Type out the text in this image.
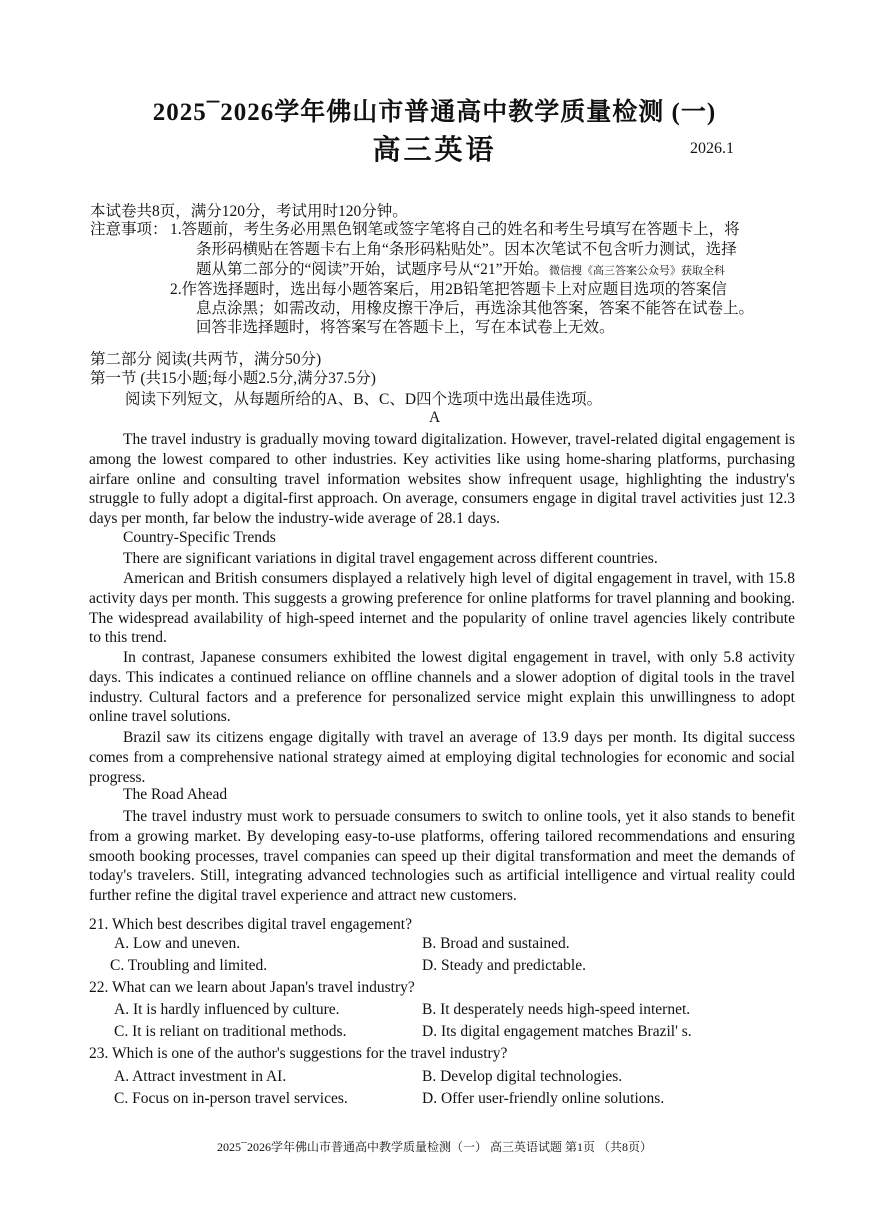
2025¯2026学年佛山市普通高中教学质量检测 (一)
高三英语	2026.1
本试卷共8页，满分120分，考试用时120分钟。
注意事项： 1.答题前，考生务必用黑色钢笔或签字笔将自己的姓名和考生号填写在答题卡上，将
条形码横贴在答题卡右上角“条形码粘贴处”。因本次笔试不包含听力测试，选择
题从第二部分的“阅读”开始，试题序号从“21”开始。微信搜《高三答案公众号》获取全科
2.作答选择题时，选出每小题答案后，用2B铅笔把答题卡上对应题目选项的答案信
息点涂黑；如需改动，用橡皮擦干净后，再选涂其他答案，答案不能答在试卷上。
回答非选择题时，将答案写在答题卡上，写在本试卷上无效。
第二部分 阅读(共两节，满分50分)
第一节 (共15小题;每小题2.5分,满分37.5分)
阅读下列短文，从每题所给的A、B、C、D四个选项中选出最佳选项。
A

The travel industry is gradually moving toward digitalization. However, travel-related digital engagement is among the lowest compared to other industries. Key activities like using home-sharing platforms, purchasing airfare online and consulting travel information websites show infrequent usage, highlighting the industry's struggle to fully adopt a digital-first approach. On average, consumers engage in digital travel activities just 12.3 days per month, far below the industry-wide average of 28.1 days.

Country-Specific Trends

There are significant variations in digital travel engagement across different countries.

American and British consumers displayed a relatively high level of digital engagement in travel, with 15.8 activity days per month. This suggests a growing preference for online platforms for travel planning and booking. The widespread availability of high-speed internet and the popularity of online travel agencies likely contribute to this trend.

In contrast, Japanese consumers exhibited the lowest digital engagement in travel, with only 5.8 activity days. This indicates a continued reliance on offline channels and a slower adoption of digital tools in the travel industry. Cultural factors and a preference for personalized service might explain this unwillingness to adopt online travel solutions.

Brazil saw its citizens engage digitally with travel an average of 13.9 days per month. Its digital success comes from a comprehensive national strategy aimed at employing digital technologies for economic and social progress.

The Road Ahead

The travel industry must work to persuade consumers to switch to online tools, yet it also stands to benefit from a growing market. By developing easy-to-use platforms, offering tailored recommendations and ensuring smooth booking processes, travel companies can speed up their digital transformation and meet the demands of today's travelers. Still, integrating advanced technologies such as artificial intelligence and virtual reality could further refine the digital travel experience and attract new customers.

21. Which best describes digital travel engagement?
A. Low and uneven.	B. Broad and sustained.
C. Troubling and limited.	D. Steady and predictable.
22. What can we learn about Japan's travel industry?
A. It is hardly influenced by culture.	B. It desperately needs high-speed internet.
C. It is reliant on traditional methods.	D. Its digital engagement matches Brazil' s.
23. Which is one of the author's suggestions for the travel industry?
A. Attract investment in AI.	B. Develop digital technologies.
C. Focus on in-person travel services.	D. Offer user-friendly online solutions.
2025¯2026学年佛山市普通高中教学质量检测（一） 高三英语试题 第1页 （共8页）
